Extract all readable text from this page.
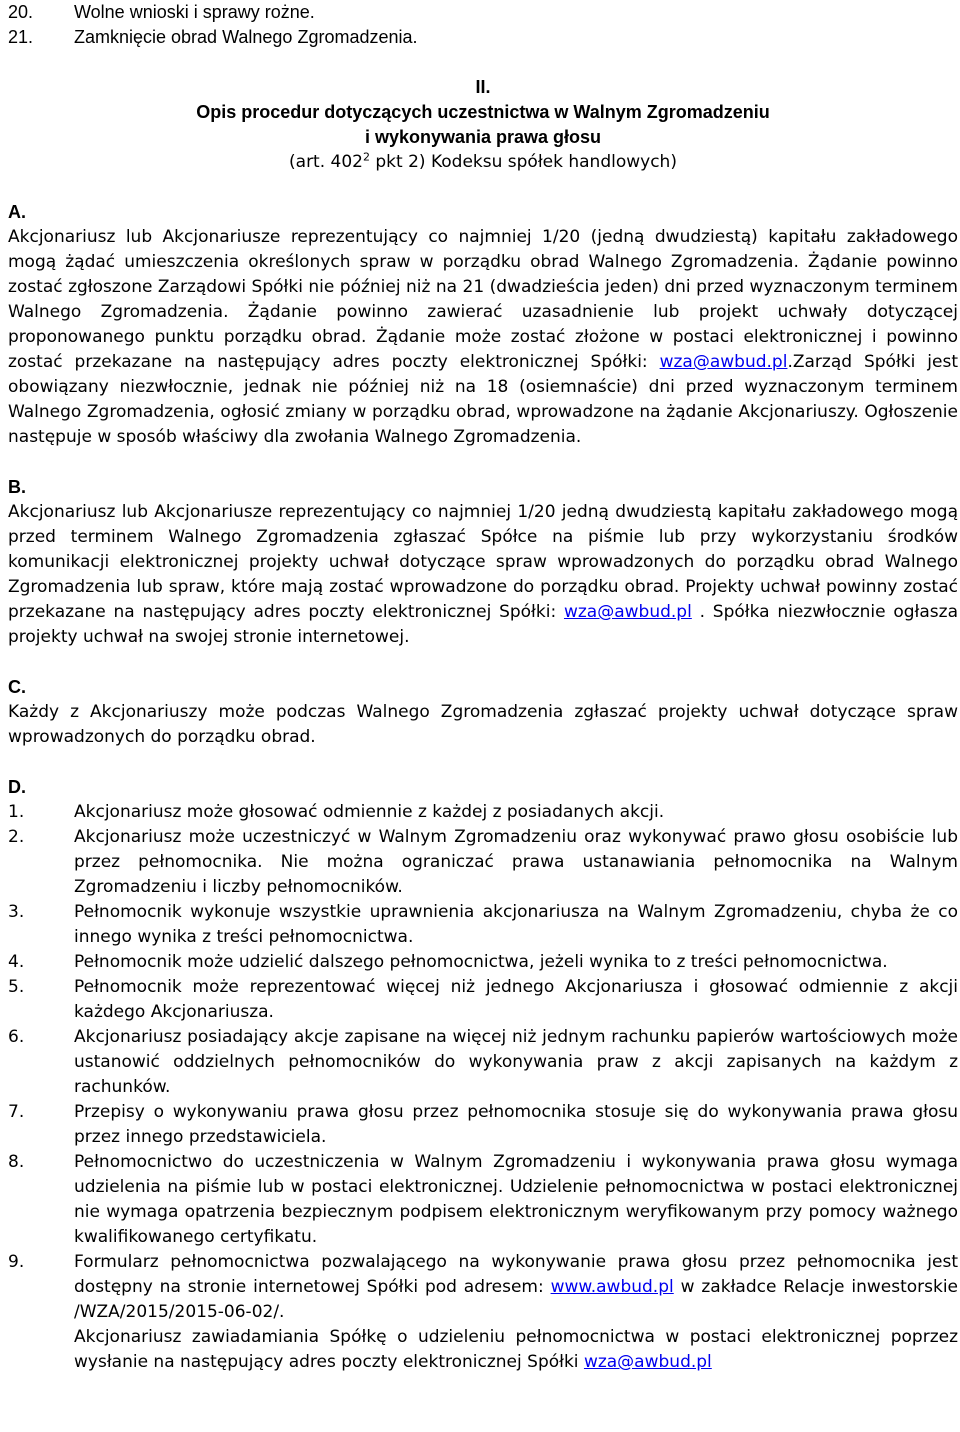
20.	Wolne wnioski i sprawy rożne.
21.	Zamknięcie obrad Walnego Zgromadzenia.
II.
Opis procedur dotyczących uczestnictwa w Walnym Zgromadzeniu
i wykonywania prawa głosu
(art. $402^2$ pkt 2) Kodeksu spółek handlowych)
A.
Akcjonariusz lub Akcjonariusze reprezentujący co najmniej 1/20 (jedną dwudziestą) kapitału zakładowego mogą żądać umieszczenia określonych spraw w porządku obrad Walnego Zgromadzenia. Żądanie powinno zostać zgłoszone Zarządowi Spółki nie później niż na 21 (dwadzieścia jeden) dni przed wyznaczonym terminem Walnego Zgromadzenia. Żądanie powinno zawierać uzasadnienie lub projekt uchwały dotyczącej proponowanego punktu porządku obrad. Żądanie może zostać złożone w postaci elektronicznej i powinno zostać przekazane na następujący adres poczty elektronicznej Spółki: wza@awbud.pl.Zarząd Spółki jest obowiązany niezwłocznie, jednak nie później niż na 18 (osiemnaście) dni przed wyznaczonym terminem Walnego Zgromadzenia, ogłosić zmiany w porządku obrad, wprowadzone na żądanie Akcjonariuszy. Ogłoszenie następuje w sposób właściwy dla zwołania Walnego Zgromadzenia.
B.
Akcjonariusz lub Akcjonariusze reprezentujący co najmniej 1/20 jedną dwudziestą kapitału zakładowego mogą przed terminem Walnego Zgromadzenia zgłaszać Spółce na piśmie lub przy wykorzystaniu środków komunikacji elektronicznej projekty uchwał dotyczące spraw wprowadzonych do porządku obrad Walnego Zgromadzenia lub spraw, które mają zostać wprowadzone do porządku obrad. Projekty uchwał powinny zostać przekazane na następujący adres poczty elektronicznej Spółki: wza@awbud.pl . Spółka niezwłocznie ogłasza projekty uchwał na swojej stronie internetowej.
C.
Każdy z Akcjonariuszy może podczas Walnego Zgromadzenia zgłaszać projekty uchwał dotyczące spraw wprowadzonych do porządku obrad.
D.
1.	Akcjonariusz może głosować odmiennie z każdej z posiadanych akcji.
2.	Akcjonariusz może uczestniczyć w Walnym Zgromadzeniu oraz wykonywać prawo głosu osobiście lub przez pełnomocnika. Nie można ograniczać prawa ustanawiania pełnomocnika na Walnym Zgromadzeniu i liczby pełnomocników.
3.	Pełnomocnik wykonuje wszystkie uprawnienia akcjonariusza na Walnym Zgromadzeniu, chyba że co innego wynika z treści pełnomocnictwa.
4.	Pełnomocnik może udzielić dalszego pełnomocnictwa, jeżeli wynika to z treści pełnomocnictwa.
5.	Pełnomocnik może reprezentować więcej niż jednego Akcjonariusza i głosować odmiennie z akcji każdego Akcjonariusza.
6.	Akcjonariusz posiadający akcje zapisane na więcej niż jednym rachunku papierów wartościowych może ustanowić oddzielnych pełnomocników do wykonywania praw z akcji zapisanych na każdym z rachunków.
7.	Przepisy o wykonywaniu prawa głosu przez pełnomocnika stosuje się do wykonywania prawa głosu przez innego przedstawiciela.
8.	Pełnomocnictwo do uczestniczenia w Walnym Zgromadzeniu i wykonywania prawa głosu wymaga udzielenia na piśmie lub w postaci elektronicznej. Udzielenie pełnomocnictwa w postaci elektronicznej nie wymaga opatrzenia bezpiecznym podpisem elektronicznym weryfikowanym przy pomocy ważnego kwalifikowanego certyfikatu.
9.	Formularz pełnomocnictwa pozwalającego na wykonywanie prawa głosu przez pełnomocnika jest dostępny na stronie internetowej Spółki pod adresem: www.awbud.pl w zakładce Relacje inwestorskie /WZA/2015/2015-06-02/.
Akcjonariusz zawiadamiania Spółkę o udzieleniu pełnomocnictwa w postaci elektronicznej poprzez wysłanie na następujący adres poczty elektronicznej Spółki wza@awbud.pl
